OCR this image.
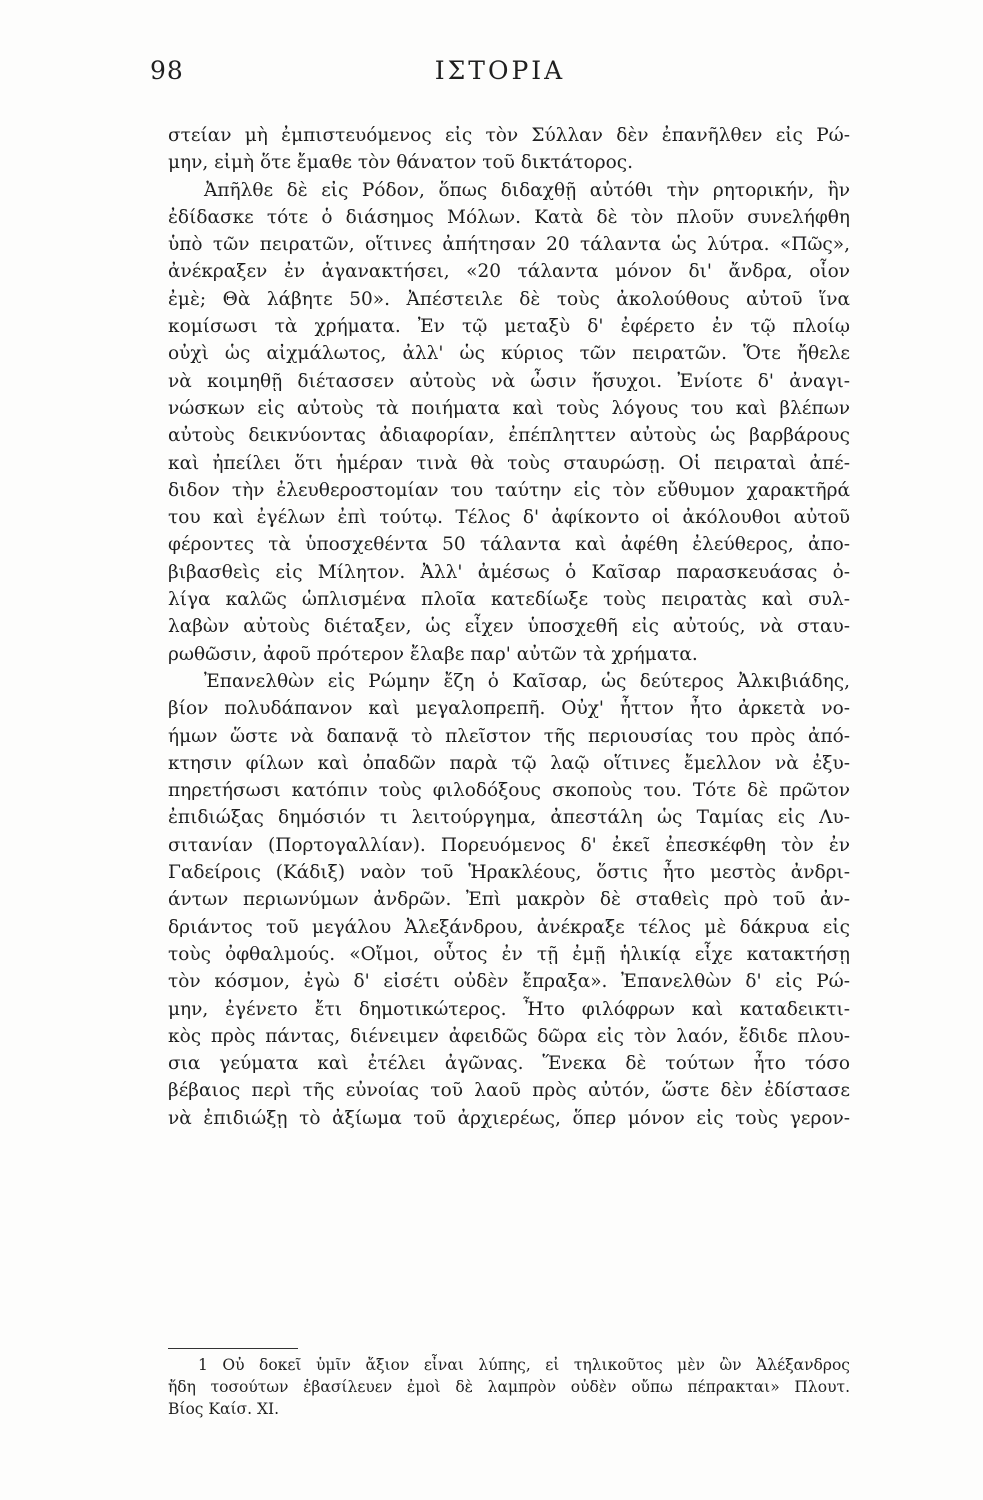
98	ΙΣΤΟΡΙΑ
στείαν μὴ ἐμπιστευόμενος εἰς τὸν Σύλλαν δὲν ἐπανῆλθεν εἰς Ρώ-
μην, εἰμὴ ὅτε ἔμαθε τὸν θάνατον τοῦ δικτάτορος.
Ἀπῆλθε δὲ εἰς Ρόδον, ὅπως διδαχθῇ αὐτόθι τὴν ρητορικήν, ἣν
ἐδίδασκε τότε ὁ διάσημος Μόλων. Κατὰ δὲ τὸν πλοῦν συνελήφθη
ὑπὸ τῶν πειρατῶν, οἵτινες ἀπήτησαν 20 τάλαντα ὡς λύτρα. «Πῶς»,
ἀνέκραξεν ἐν ἀγανακτήσει, «20 τάλαντα μόνον δι' ἄνδρα, οἷον
ἐμὲ; Θὰ λάβητε 50». Ἀπέστειλε δὲ τοὺς ἀκολούθους αὐτοῦ ἵνα
κομίσωσι τὰ χρήματα. Ἐν τῷ μεταξὺ δ' ἐφέρετο ἐν τῷ πλοίῳ
οὐχὶ ὡς αἰχμάλωτος, ἀλλ' ὡς κύριος τῶν πειρατῶν. Ὅτε ἤθελε
νὰ κοιμηθῇ διέτασσεν αὐτοὺς νὰ ὦσιν ἥσυχοι. Ἐνίοτε δ' ἀναγι-
νώσκων εἰς αὐτοὺς τὰ ποιήματα καὶ τοὺς λόγους του καὶ βλέπων
αὐτοὺς δεικνύοντας ἀδιαφορίαν, ἐπέπληττεν αὐτοὺς ὡς βαρβάρους
καὶ ἠπείλει ὅτι ἡμέραν τινὰ θὰ τοὺς σταυρώσῃ. Οἱ πειραταὶ ἀπέ-
διδον τὴν ἐλευθεροστομίαν του ταύτην εἰς τὸν εὔθυμον χαρακτῆρά
του καὶ ἐγέλων ἐπὶ τούτῳ. Τέλος δ' ἀφίκοντο οἱ ἀκόλουθοι αὐτοῦ
φέροντες τὰ ὑποσχεθέντα 50 τάλαντα καὶ ἀφέθη ἐλεύθερος, ἀπο-
βιβασθεὶς εἰς Μίλητον. Ἀλλ' ἀμέσως ὁ Καῖσαρ παρασκευάσας ὀ-
λίγα καλῶς ὡπλισμένα πλοῖα κατεδίωξε τοὺς πειρατὰς καὶ συλ-
λαβὼν αὐτοὺς διέταξεν, ὡς εἶχεν ὑποσχεθῆ εἰς αὐτούς, νὰ σταυ-
ρωθῶσιν, ἀφοῦ πρότερον ἔλαβε παρ' αὐτῶν τὰ χρήματα.
Ἐπανελθὼν εἰς Ρώμην ἔζη ὁ Καῖσαρ, ὡς δεύτερος Ἀλκιβιάδης,
βίον πολυδάπανον καὶ μεγαλοπρεπῆ. Οὐχ' ἧττον ἦτο ἀρκετὰ νο-
ήμων ὥστε νὰ δαπανᾷ τὸ πλεῖστον τῆς περιουσίας του πρὸς ἀπό-
κτησιν φίλων καὶ ὀπαδῶν παρὰ τῷ λαῷ οἵτινες ἔμελλον νὰ ἐξυ-
πηρετήσωσι κατόπιν τοὺς φιλοδόξους σκοποὺς του. Τότε δὲ πρῶτον
ἐπιδιώξας δημόσιόν τι λειτούργημα, ἀπεστάλη ὡς Ταμίας εἰς Λυ-
σιτανίαν (Πορτογαλλίαν). Πορευόμενος δ' ἐκεῖ ἐπεσκέφθη τὸν ἐν
Γαδείροις (Κάδιξ) ναὸν τοῦ Ἡρακλέους, ὅστις ἦτο μεστὸς ἀνδρι-
άντων περιωνύμων ἀνδρῶν. Ἐπὶ μακρὸν δὲ σταθεὶς πρὸ τοῦ ἀν-
δριάντος τοῦ μεγάλου Ἀλεξάνδρου, ἀνέκραξε τέλος μὲ δάκρυα εἰς
τοὺς ὀφθαλμούς. «Οἴμοι, οὗτος ἐν τῇ ἐμῇ ἡλικίᾳ εἶχε κατακτήσῃ
τὸν κόσμον, ἐγὼ δ' εἰσέτι οὐδὲν ἔπραξα». Ἐπανελθὼν δ' εἰς Ρώ-
μην, ἐγένετο ἔτι δημοτικώτερος. Ἦτο φιλόφρων καὶ καταδεικτι-
κὸς πρὸς πάντας, διένειμεν ἀφειδῶς δῶρα εἰς τὸν λαόν, ἔδιδε πλου-
σια γεύματα καὶ ἐτέλει ἀγῶνας. Ἕνεκα δὲ τούτων ἦτο τόσο
βέβαιος περὶ τῆς εὐνοίας τοῦ λαοῦ πρὸς αὐτόν, ὥστε δὲν ἐδίστασε
νὰ ἐπιδιώξῃ τὸ ἀξίωμα τοῦ ἀρχιερέως, ὅπερ μόνον εἰς τοὺς γερον-
1 Οὐ δοκεῖ ὑμῖν ἄξιον εἶναι λύπης, εἰ τηλικοῦτος μὲν ὢν Ἀλέξανδρος
ἤδη τοσούτων ἐβασίλευεν ἐμοὶ δὲ λαμπρὸν οὐδὲν οὔπω πέπρακται» Πλουτ.
Βίος Καίσ. XI.
